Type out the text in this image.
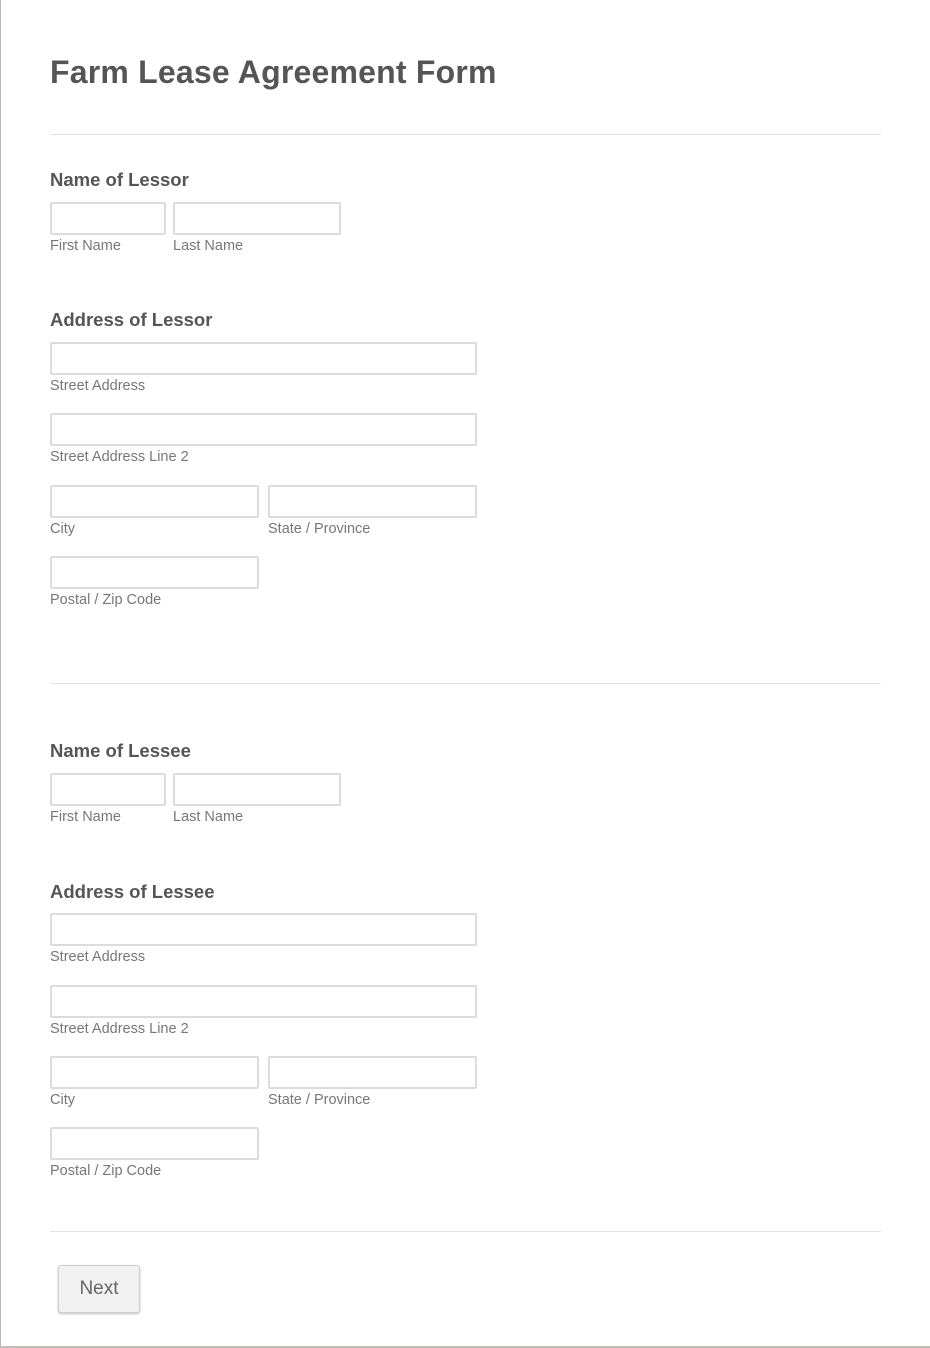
Farm Lease Agreement Form
Name of Lessor
First Name	Last Name
Address of Lessor
Street Address
Street Address Line 2
City	State / Province
Postal / Zip Code
Name of Lessee
First Name	Last Name
Address of Lessee
Street Address
Street Address Line 2
City	State / Province
Postal / Zip Code
Next
